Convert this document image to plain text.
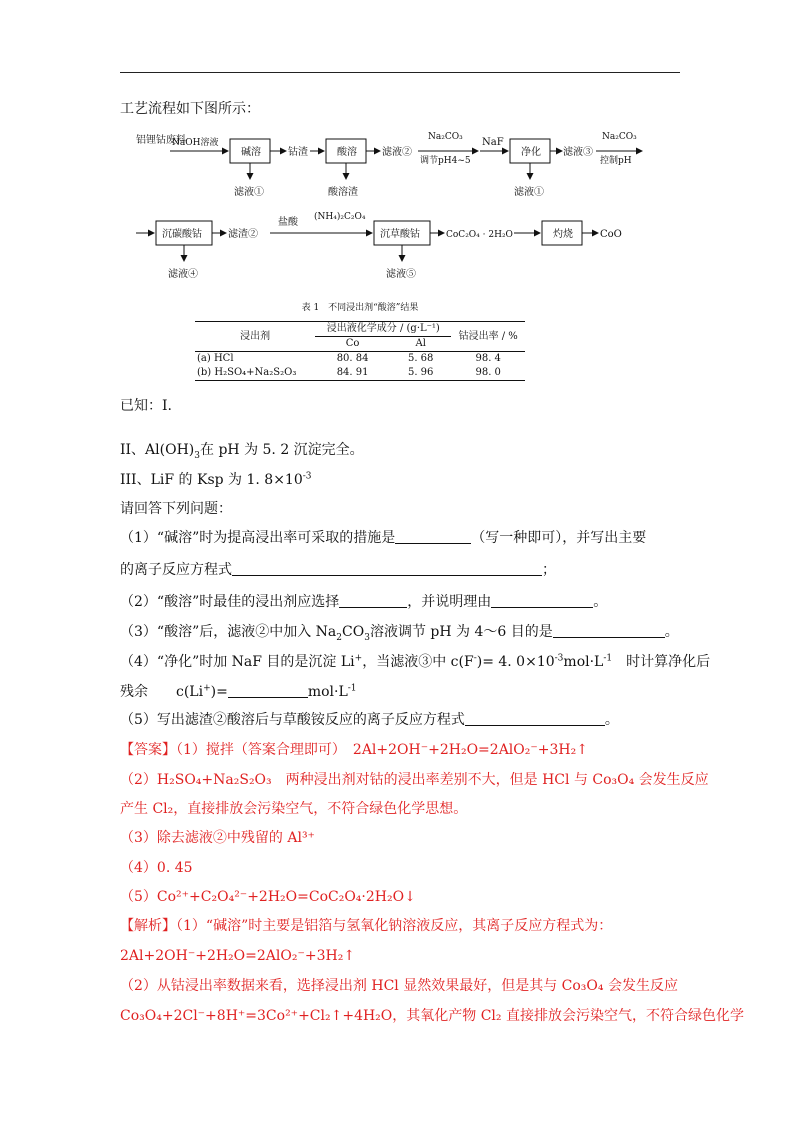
工艺流程如下图所示：
铝锂钴废料
NaOH溶液
碱溶	钴渣	酸溶	滤液②
Na₂CO₃
调节pH4~5
NaF
净化 滤液③
Na₂CO₃
控制pH
滤液①	酸溶渣	滤液①
沉碳酸钴	滤渣②
盐酸 (NH₄)₂C₂O₄
沉草酸钴	CoC₂O₄ · 2H₂O	灼烧	CoO
滤液④	滤液⑤
表 1　不同浸出剂“酸溶”结果
浸出剂	浸出液化学成分 / (g·L⁻¹)		钴浸出率 / %
	Co	Al	
(a) HCl	80. 84	5. 68	98. 4
(b) H₂SO₄+Na₂S₂O₃	84. 91	5. 96	98. 0
已知：I.
II、$Al(OH)_3$在 pH 为 5. 2 沉淀完全。
III、LiF 的 Ksp 为 1. $8\times 10^{-3}$
请回答下列问题：
（1）“碱溶”时为提高浸出率可采取的措施是	（写一种即可），并写出主要
的离子反应方程式	；
（2）“酸溶”时最佳的浸出剂应选择	，并说明理由	。
（3）“酸溶”后，滤液②中加入 $Na_2CO_3$溶液调节 pH 为 4～6 目的是	。
（4）“净化”时加 NaF 目的是沉淀 Li+，当滤液③中 c(F-)= 4. $0\times 10^{-3}mol\cdot L^{-1}$　 时计算净化后
残余　　c(Li+)=	$mol\cdot L^{-1}$
（5）写出滤渣②酸溶后与草酸铵反应的离子反应方程式	。
【答案】（1）搅拌（答案合理即可）　2Al+2OH⁻+2H₂O=2AlO₂⁻+3H₂↑
（2）H₂SO₄+Na₂S₂O₃　两种浸出剂对钴的浸出率差别不大，但是 HCl 与 Co₃O₄ 会发生反应
产生 Cl₂，直接排放会污染空气，不符合绿色化学思想。
（3）除去滤液②中残留的 Al³⁺
（4）0. 45
（5）Co²⁺+C₂O₄²⁻+2H₂O=CoC₂O₄·2H₂O↓
【解析】（1）“碱溶”时主要是铝箔与氢氧化钠溶液反应，其离子反应方程式为：
2Al+2OH⁻+2H₂O=2AlO₂⁻+3H₂↑
（2）从钴浸出率数据来看，选择浸出剂 HCl 显然效果最好，但是其与 Co₃O₄ 会发生反应
Co₃O₄+2Cl⁻+8H⁺=3Co²⁺+Cl₂↑+4H₂O，其氧化产物 Cl₂ 直接排放会污染空气，不符合绿色化学
